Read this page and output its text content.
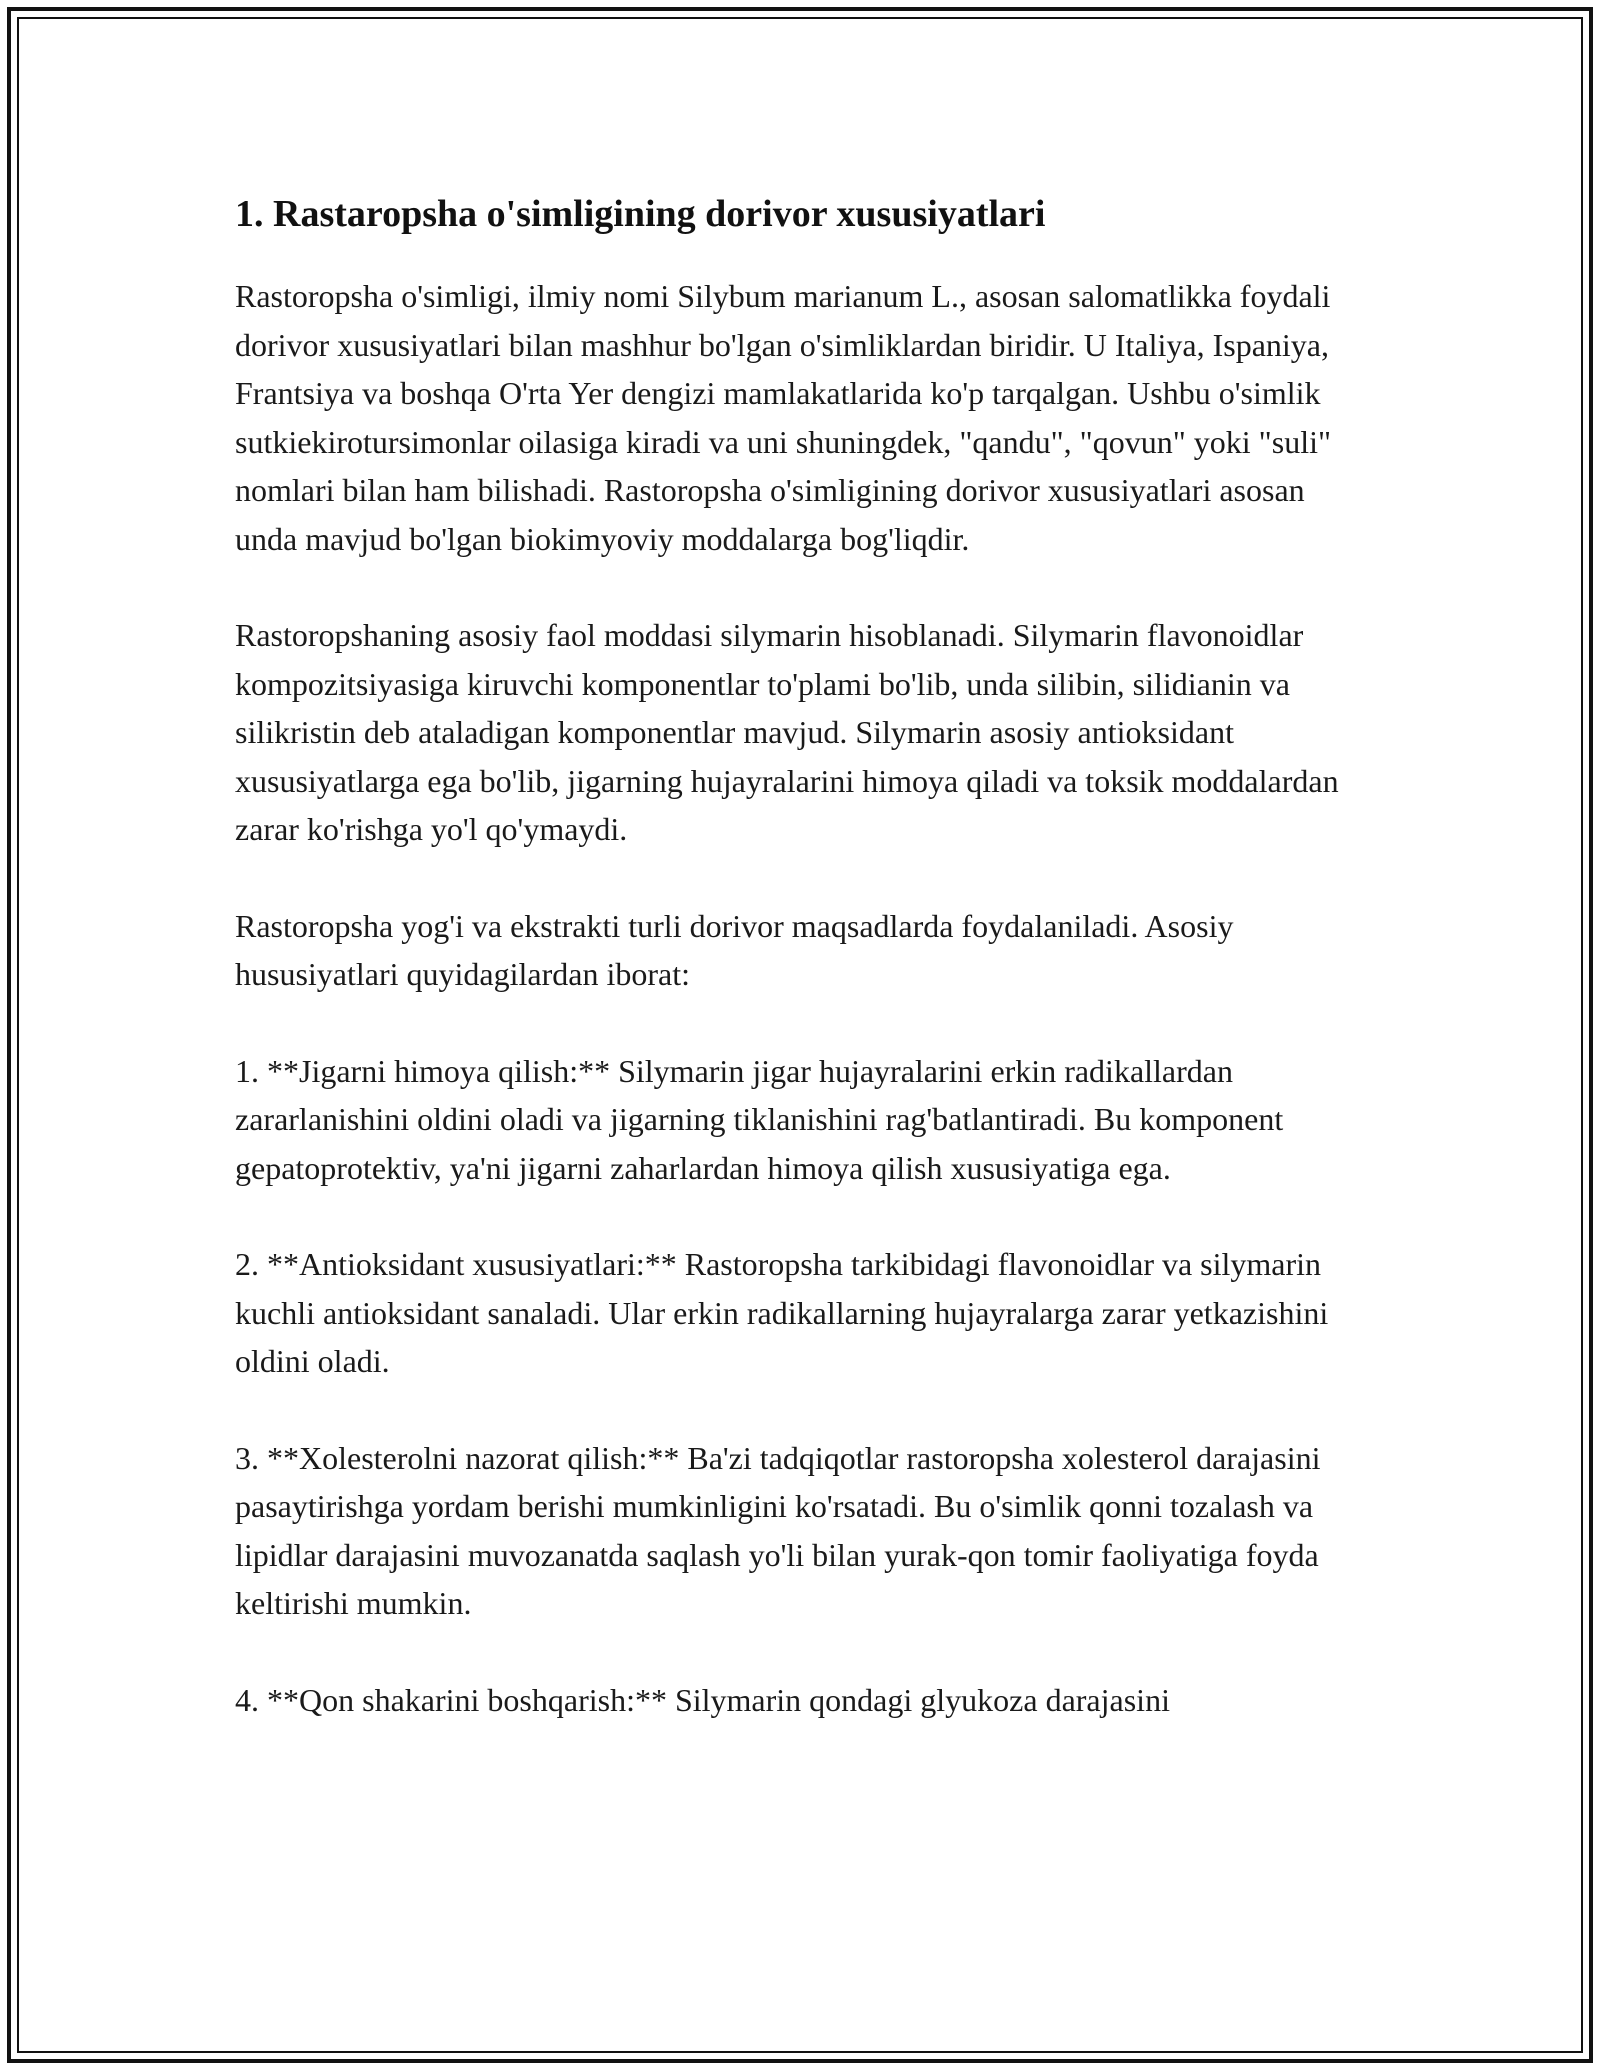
1. Rastaropsha o'simligining dorivor xususiyatlari

Rastoropsha o'simligi, ilmiy nomi Silybum marianum L., asosan salomatlikka foydali dorivor xususiyatlari bilan mashhur bo'lgan o'simliklardan biridir. U Italiya, Ispaniya, Frantsiya va boshqa O'rta Yer dengizi mamlakatlarida ko'p tarqalgan. Ushbu o'simlik sutkiekirotursimonlar oilasiga kiradi va uni shuningdek, "qandu", "qovun" yoki "suli" nomlari bilan ham bilishadi. Rastoropsha o'simligining dorivor xususiyatlari asosan unda mavjud bo'lgan biokimyoviy moddalarga bog'liqdir.

Rastoropshaning asosiy faol moddasi silymarin hisoblanadi. Silymarin flavonoidlar kompozitsiyasiga kiruvchi komponentlar to'plami bo'lib, unda silibin, silidianin va silikristin deb ataladigan komponentlar mavjud. Silymarin asosiy antioksidant xususiyatlarga ega bo'lib, jigarning hujayralarini himoya qiladi va toksik moddalardan zarar ko'rishga yo'l qo'ymaydi.

Rastoropsha yog'i va ekstrakti turli dorivor maqsadlarda foydalaniladi. Asosiy hususiyatlari quyidagilardan iborat:

1. **Jigarni himoya qilish:** Silymarin jigar hujayralarini erkin radikallardan zararlanishini oldini oladi va jigarning tiklanishini rag'batlantiradi. Bu komponent gepatoprotektiv, ya'ni jigarni zaharlardan himoya qilish xususiyatiga ega.

2. **Antioksidant xususiyatlari:** Rastoropsha tarkibidagi flavonoidlar va silymarin kuchli antioksidant sanaladi. Ular erkin radikallarning hujayralarga zarar yetkazishini oldini oladi.

3. **Xolesterolni nazorat qilish:** Ba'zi tadqiqotlar rastoropsha xolesterol darajasini pasaytirishga yordam berishi mumkinligini ko'rsatadi. Bu o'simlik qonni tozalash va lipidlar darajasini muvozanatda saqlash yo'li bilan yurak-qon tomir faoliyatiga foyda keltirishi mumkin.

4. **Qon shakarini boshqarish:** Silymarin qondagi glyukoza darajasini
